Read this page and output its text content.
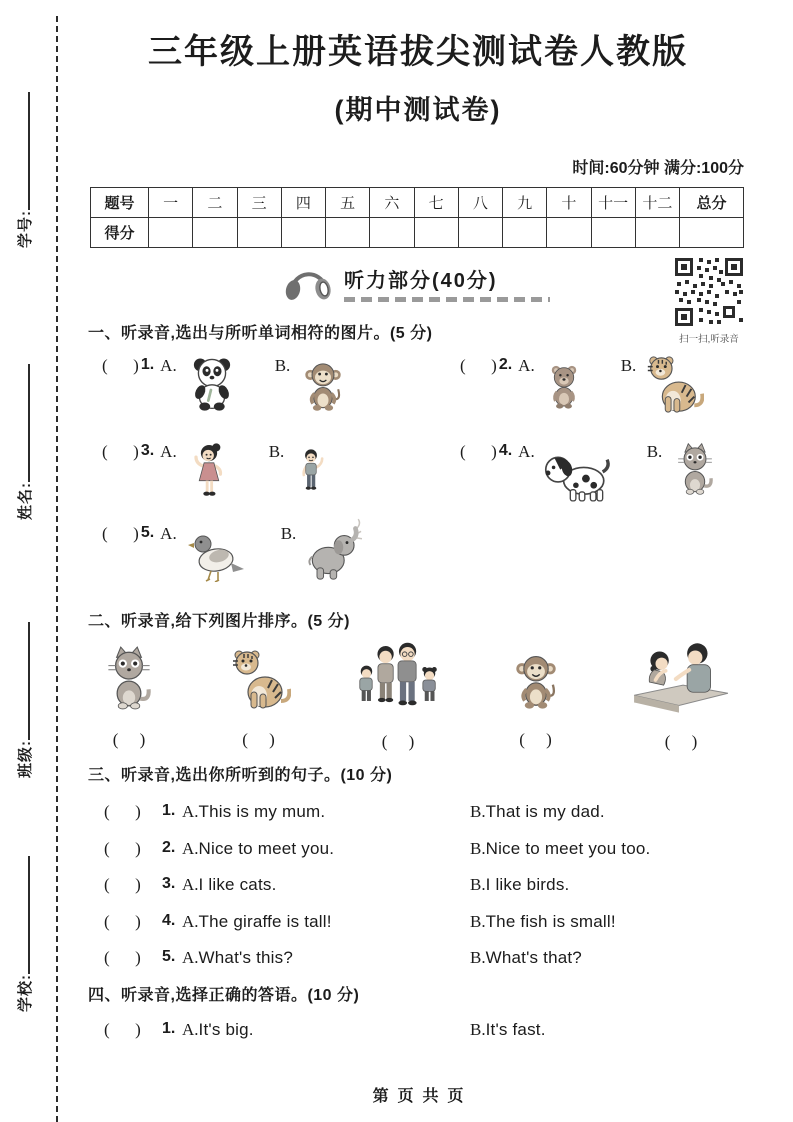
学号:
姓名:
班级:
学校:
三年级上册英语拔尖测试卷人教版
(期中测试卷)
时间:60分钟 满分:100分
题号	一	二	三	四	五	六	七	八	九	十	十一	十二	总分
得分													
听力部分(40分)
扫一扫,听录音
一、听录音,选出与所听单词相符的图片。(5 分)
(      ) 1. A.	B.	(      ) 2. A.	B.
(      ) 3. A.	B.	(      ) 4. A.	B.
(      ) 5. A.	B.
二、听录音,给下列图片排序。(5 分)
(     )	(     )	(     )	(     )	(     )
三、听录音,选出你所听到的句子。(10 分)
(      ) 1. A. This is my mum.	B. That is my dad.
(      ) 2. A. Nice to meet you.	B. Nice to meet you too.
(      ) 3. A. I like cats.	B. I like birds.
(      ) 4. A. The giraffe is tall!	B. The fish is small!
(      ) 5. A. What's this?	B. What's that?
四、听录音,选择正确的答语。(10 分)
(      ) 1. A. It's big.	B. It's fast.
第  页  共  页
